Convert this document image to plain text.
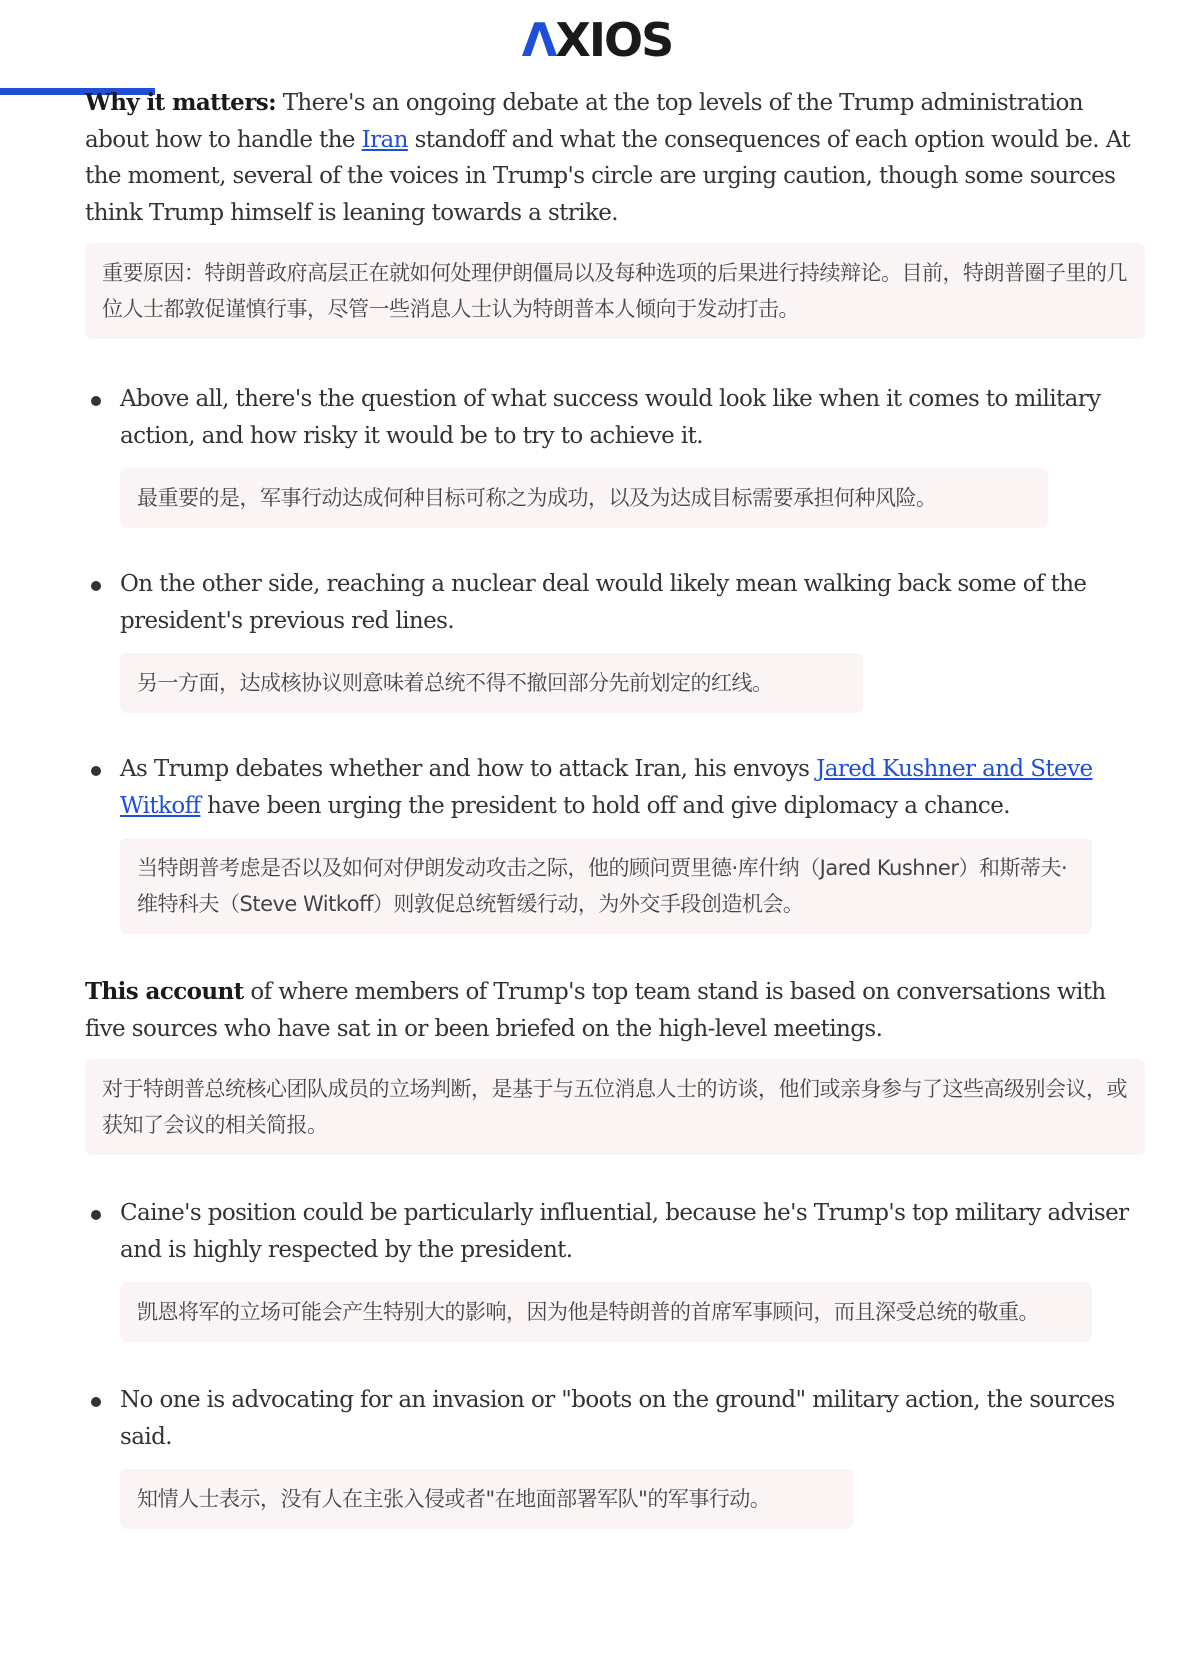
ΛXIOS

Why it matters: There's an ongoing debate at the top levels of the Trump administration about how to handle the Iran standoff and what the consequences of each option would be. At the moment, several of the voices in Trump's circle are urging caution, though some sources think Trump himself is leaning towards a strike.

重要原因：特朗普政府高层正在就如何处理伊朗僵局以及每种选项的后果进行持续辩论。目前，特朗普圈子里的几位人士都敦促谨慎行事，尽管一些消息人士认为特朗普本人倾向于发动打击。

Above all, there's the question of what success would look like when it comes to military action, and how risky it would be to try to achieve it.

最重要的是，军事行动达成何种目标可称之为成功，以及为达成目标需要承担何种风险。

On the other side, reaching a nuclear deal would likely mean walking back some of the president's previous red lines.

另一方面，达成核协议则意味着总统不得不撤回部分先前划定的红线。

As Trump debates whether and how to attack Iran, his envoys Jared Kushner and Steve Witkoff have been urging the president to hold off and give diplomacy a chance.

当特朗普考虑是否以及如何对伊朗发动攻击之际，他的顾问贾里德·库什纳（Jared Kushner）和斯蒂夫·维特科夫（Steve Witkoff）则敦促总统暂缓行动，为外交手段创造机会。

This account of where members of Trump's top team stand is based on conversations with five sources who have sat in or been briefed on the high-level meetings.

对于特朗普总统核心团队成员的立场判断，是基于与五位消息人士的访谈，他们或亲身参与了这些高级别会议，或获知了会议的相关简报。

Caine's position could be particularly influential, because he's Trump's top military adviser and is highly respected by the president.

凯恩将军的立场可能会产生特别大的影响，因为他是特朗普的首席军事顾问，而且深受总统的敬重。

No one is advocating for an invasion or "boots on the ground" military action, the sources said.

知情人士表示，没有人在主张入侵或者"在地面部署军队"的军事行动。
